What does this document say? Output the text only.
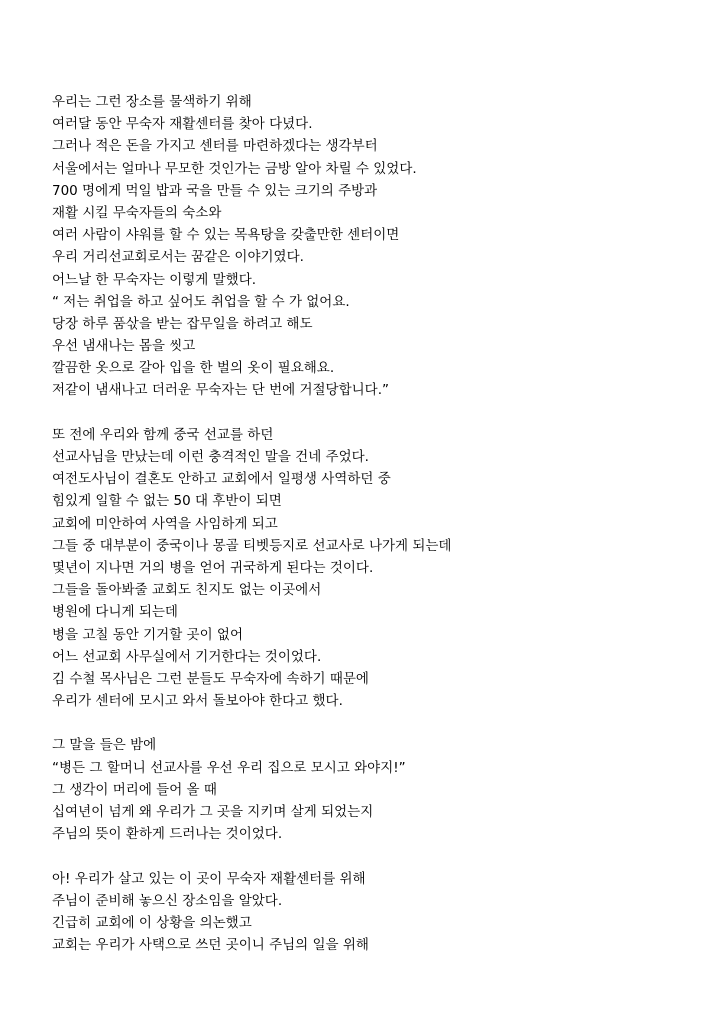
우리는 그런 장소를 물색하기 위해
여러달 동안 무숙자 재활센터를 찾아 다녔다.
그러나 적은 돈을 가지고 센터를 마련하겠다는 생각부터
서울에서는 얼마나 무모한 것인가는 금방 알아 차릴 수 있었다.
700 명에게 먹일 밥과 국을 만들 수 있는 크기의 주방과
재활 시킬 무숙자들의 숙소와
여러 사람이 샤워를 할 수 있는 목욕탕을 갖출만한 센터이면
우리 거리선교회로서는 꿈같은 이야기였다.
어느날 한 무숙자는 이렇게 말했다.
“ 저는 취업을 하고 싶어도 취업을 할 수 가 없어요.
당장 하루 품삯을 받는 잡무일을 하려고 해도
우선 냄새나는 몸을 씻고
깔끔한 옷으로 갈아 입을 한 벌의 옷이 필요해요.
저같이 냄새나고 더러운 무숙자는 단 번에 거절당합니다.”
또 전에 우리와 함께 중국 선교를 하던
선교사님을 만났는데 이런 충격적인 말을 건네 주었다.
여전도사님이 결혼도 안하고 교회에서 일평생 사역하던 중
힘있게 일할 수 없는 50 대 후반이 되면
교회에 미안하여 사역을 사임하게 되고
그들 중 대부분이 중국이나 몽골 티벳등지로 선교사로 나가게 되는데
몇년이 지나면 거의 병을 얻어 귀국하게 된다는 것이다.
그들을 돌아봐줄 교회도 친지도 없는 이곳에서
병원에 다니게 되는데
병을 고칠 동안 기거할 곳이 없어
어느 선교회 사무실에서 기거한다는 것이었다.
김 수철 목사님은 그런 분들도 무숙자에 속하기 때문에
우리가 센터에 모시고 와서 돌보아야 한다고 했다.
그 말을 들은 밤에
“병든 그 할머니 선교사를 우선 우리 집으로 모시고 와야지!”
그 생각이 머리에 들어 올 때
십여년이 넘게 왜 우리가 그 곳을 지키며 살게 되었는지
주님의 뜻이 환하게 드러나는 것이었다.
아! 우리가 살고 있는 이 곳이 무숙자 재활센터를 위해
주님이 준비해 놓으신 장소임을 알았다.
긴급히 교회에 이 상황을 의논했고
교회는 우리가 사택으로 쓰던 곳이니 주님의 일을 위해
